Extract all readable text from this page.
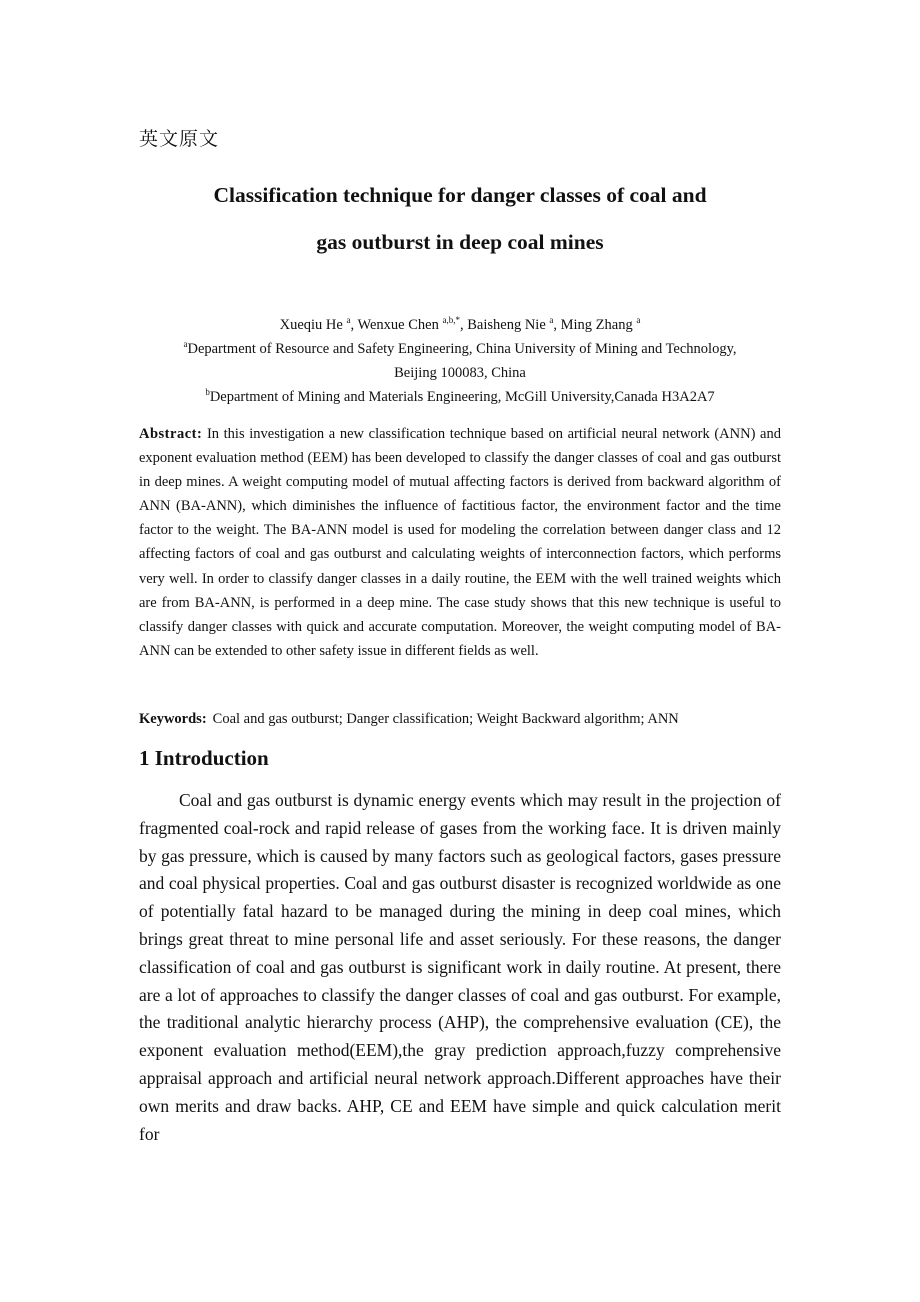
英文原文
Classification technique for danger classes of coal and
gas outburst in deep coal mines
Xueqiu He $^a$, Wenxue Chen $^{a,b,*}$, Baisheng Nie $^a$, Ming Zhang $^a$
$^a$Department of Resource and Safety Engineering, China University of Mining and Technology,
Beijing 100083, China
$^b$Department of Mining and Materials Engineering, McGill University,Canada H3A2A7
Abstract: In this investigation a new classification technique based on artificial neural network (ANN) and exponent evaluation method (EEM) has been developed to classify the danger classes of coal and gas outburst in deep mines. A weight computing model of mutual affecting factors is derived from backward algorithm of ANN (BA-ANN), which diminishes the influence of factitious factor, the environment factor and the time factor to the weight. The BA-ANN model is used for modeling the correlation between danger class and 12 affecting factors of coal and gas outburst and calculating weights of interconnection factors, which performs very well. In order to classify danger classes in a daily routine, the EEM with the well trained weights which are from BA-ANN, is performed in a deep mine. The case study shows that this new technique is useful to classify danger classes with quick and accurate computation. Moreover, the weight computing model of BA-ANN can be extended to other safety issue in different fields as well.
Keywords: Coal and gas outburst; Danger classification; Weight Backward algorithm; ANN
1 Introduction
Coal and gas outburst is dynamic energy events which may result in the projection of fragmented coal-rock and rapid release of gases from the working face. It is driven mainly by gas pressure, which is caused by many factors such as geological factors, gases pressure and coal physical properties. Coal and gas outburst disaster is recognized worldwide as one of potentially fatal hazard to be managed during the mining in deep coal mines, which brings great threat to mine personal life and asset seriously. For these reasons, the danger classification of coal and gas outburst is significant work in daily routine. At present, there are a lot of approaches to classify the danger classes of coal and gas outburst. For example, the traditional analytic hierarchy process (AHP), the comprehensive evaluation (CE), the exponent evaluation method(EEM),the gray prediction approach,fuzzy comprehensive appraisal approach and artificial neural network approach.Different approaches have their own merits and draw backs. AHP, CE and EEM have simple and quick calculation merit for
